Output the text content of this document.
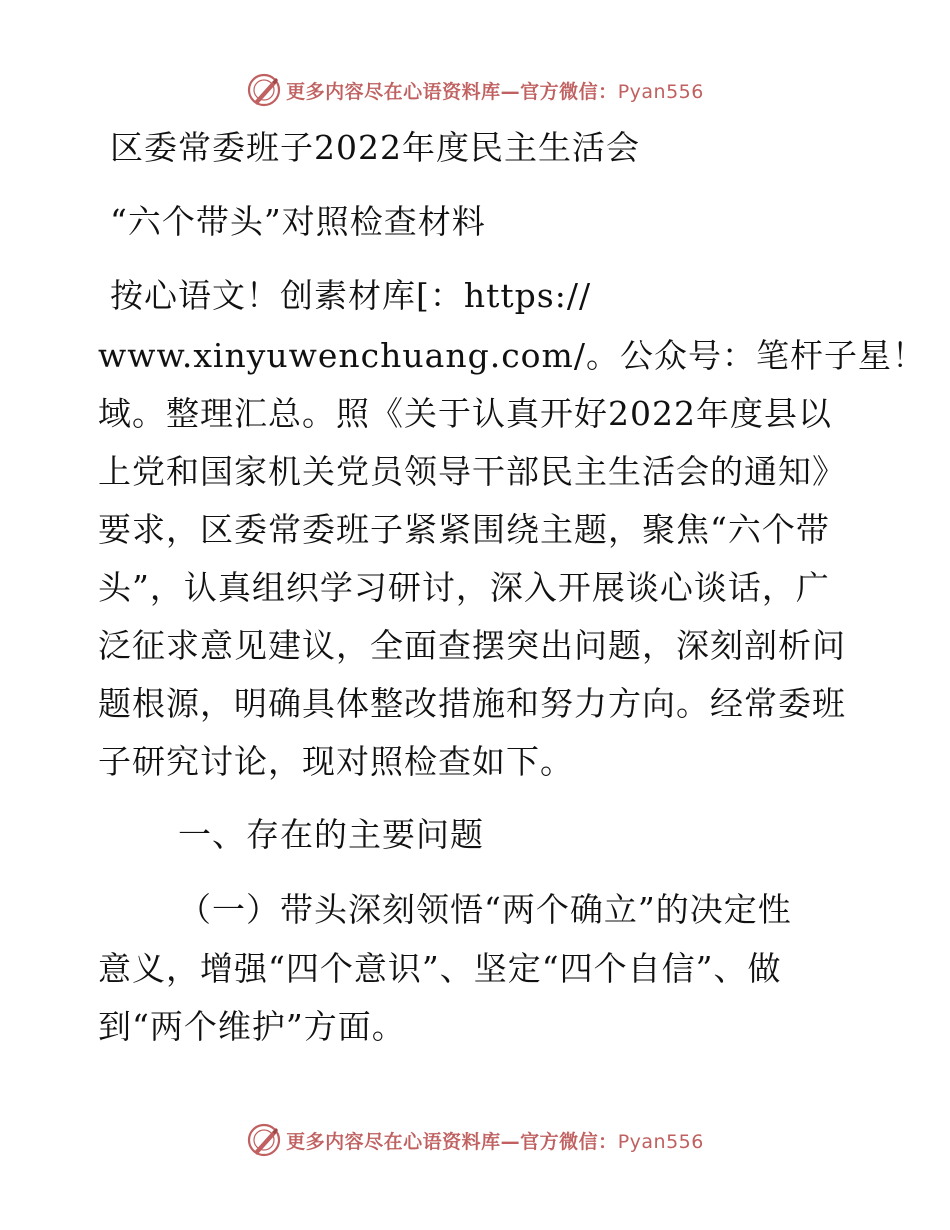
更多内容尽在心语资料库—官方微信：Pyan556
区委常委班子2022年度民主生活会
“六个带头”对照检查材料
按心语文！创素材库[：https://
www.xinyuwenchuang.com/。公众号：笔杆子星！
域。整理汇总。照《关于认真开好2022年度县以
上党和国家机关党员领导干部民主生活会的通知》
要求，区委常委班子紧紧围绕主题，聚焦“六个带
头”，认真组织学习研讨，深入开展谈心谈话，广
泛征求意见建议，全面查摆突出问题，深刻剖析问
题根源，明确具体整改措施和努力方向。经常委班
子研究讨论，现对照检查如下。
一、存在的主要问题
（一）带头深刻领悟“两个确立”的决定性
意义，增强“四个意识”、坚定“四个自信”、做
到“两个维护”方面。
更多内容尽在心语资料库—官方微信：Pyan556
